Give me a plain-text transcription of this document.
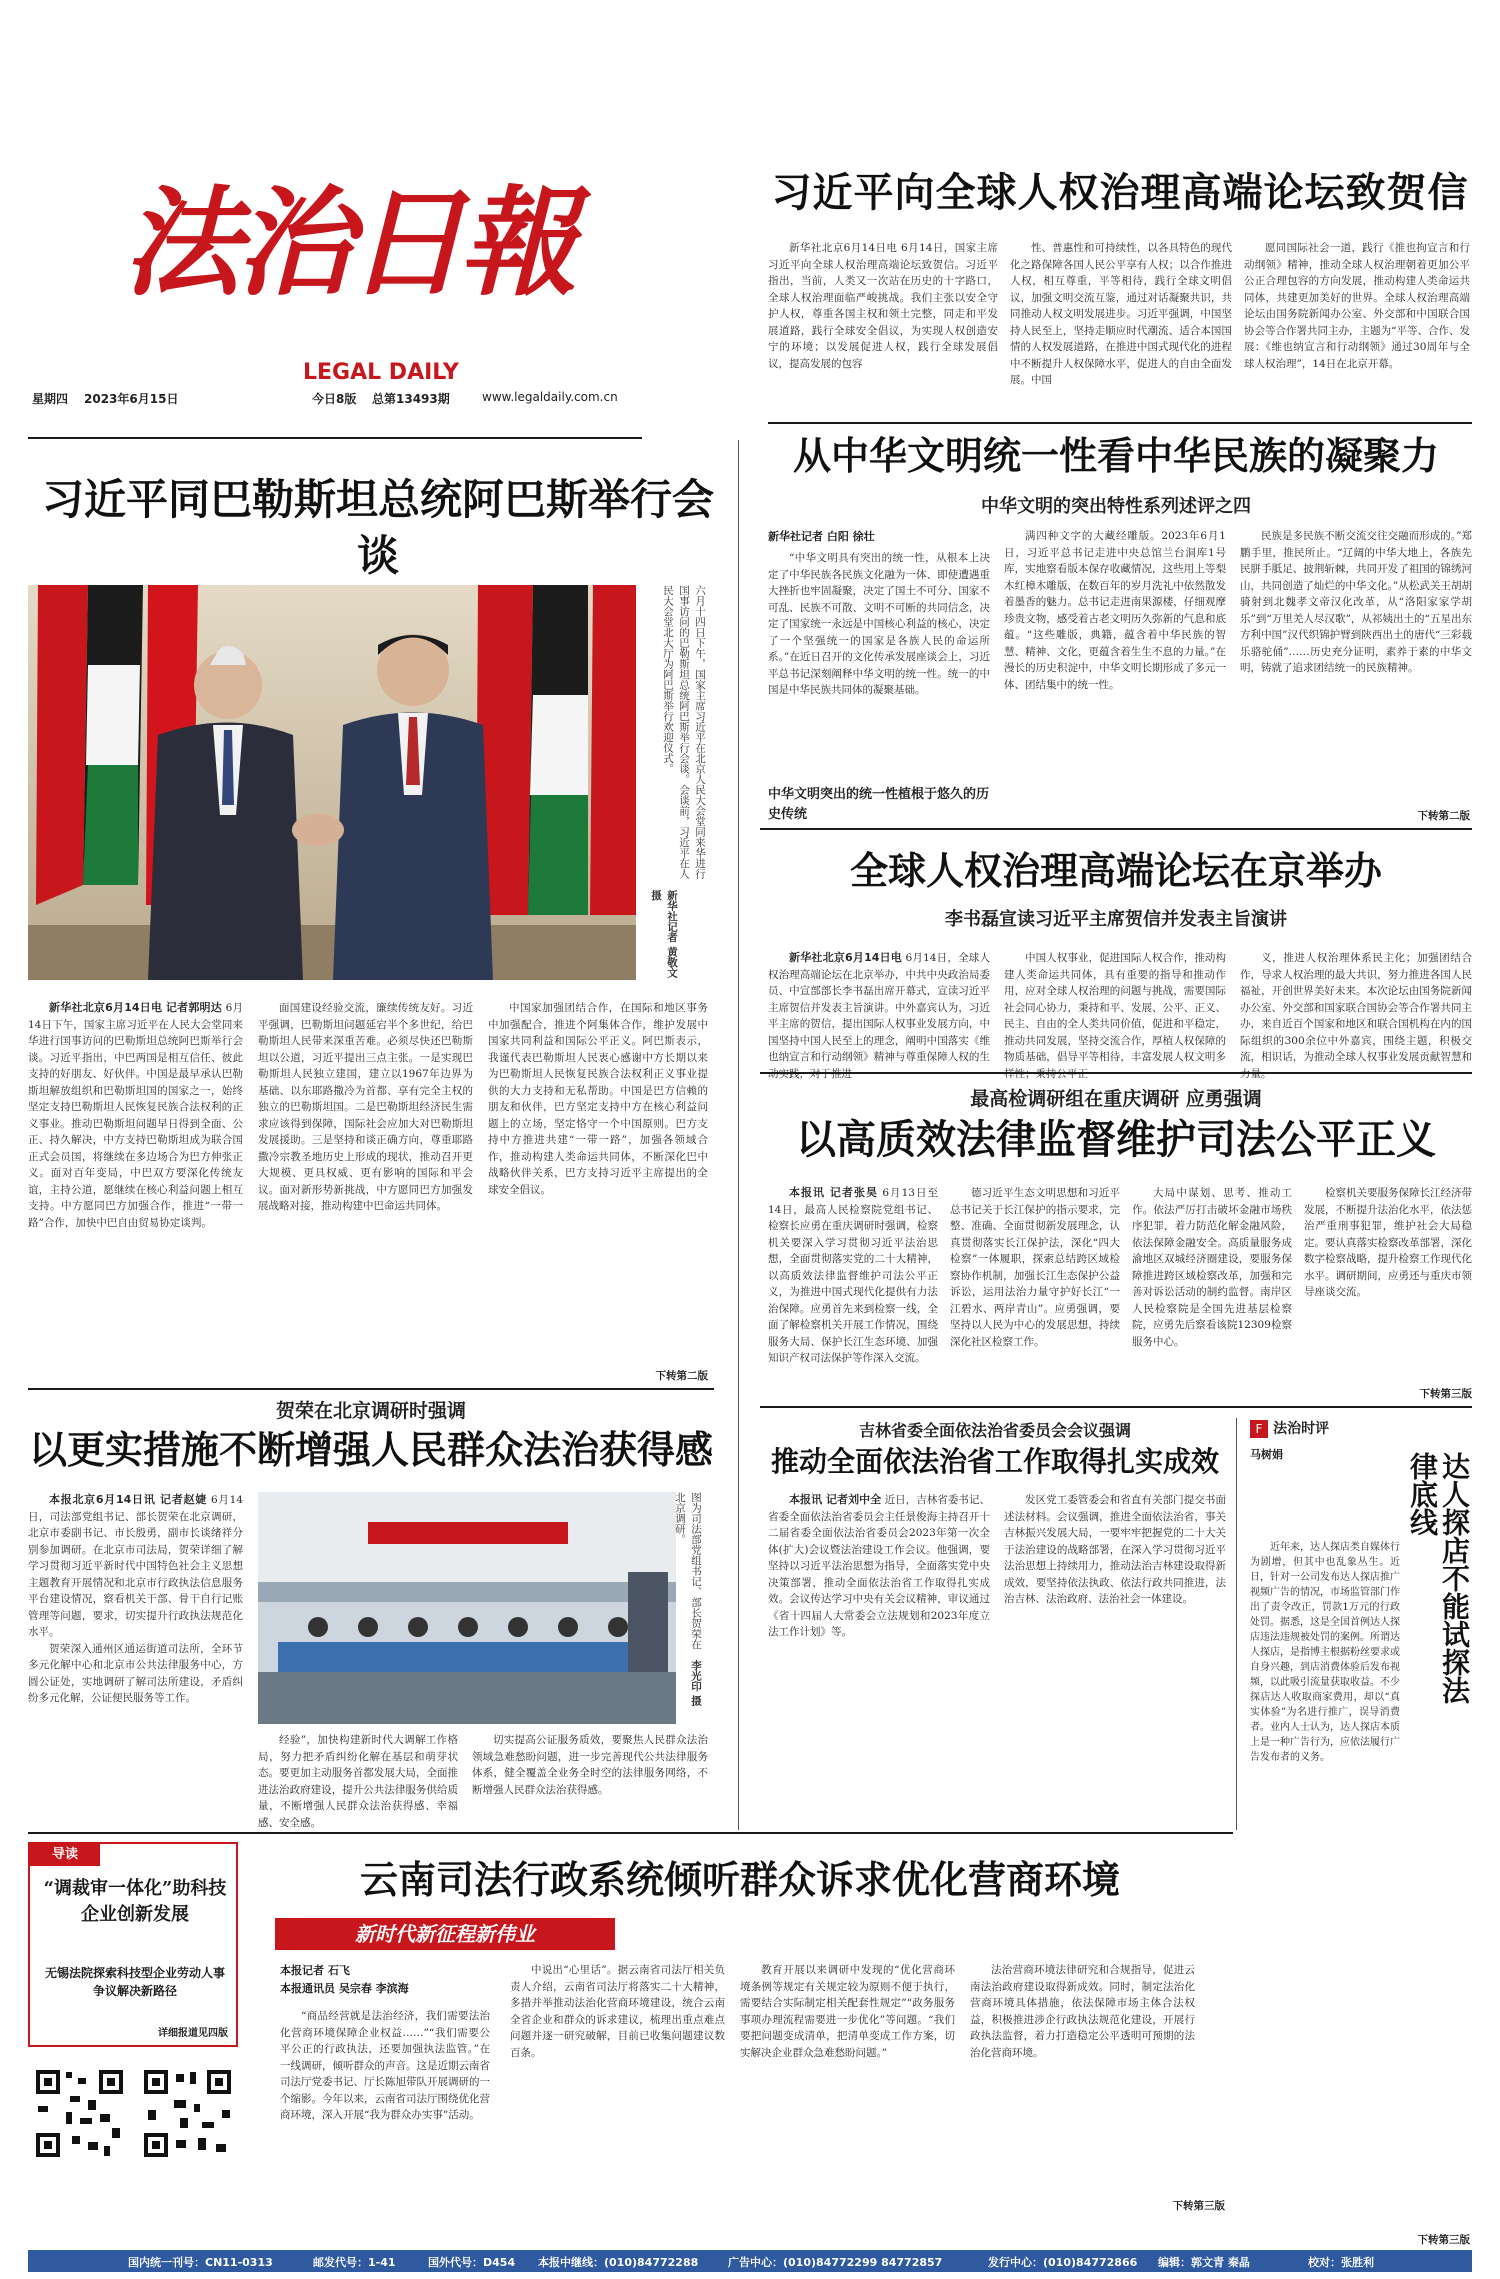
法治日報
LEGAL DAILY
星期四 2023年6月15日	今日8版 总第13493期	www.legaldaily.com.cn
习近平向全球人权治理高端论坛致贺信

新华社北京6月14日电 6月14日，国家主席习近平向全球人权治理高端论坛致贺信。习近平指出，当前，人类又一次站在历史的十字路口，全球人权治理面临严峻挑战。我们主张以安全守护人权，尊重各国主权和领土完整，同走和平发展道路，践行全球安全倡议，为实现人权创造安宁的环境；以发展促进人权，践行全球发展倡议，提高发展的包容

性、普惠性和可持续性，以各具特色的现代化之路保障各国人民公平享有人权；以合作推进人权，相互尊重，平等相待，践行全球文明倡议，加强文明交流互鉴，通过对话凝聚共识，共同推动人权文明发展进步。习近平强调，中国坚持人民至上，坚持走顺应时代潮流、适合本国国情的人权发展道路，在推进中国式现代化的进程中不断提升人权保障水平，促进人的自由全面发展。中国

愿同国际社会一道，践行《推也拘宣言和行动纲领》精神，推动全球人权治理朝着更加公平公正合理包容的方向发展，推动构建人类命运共同体，共建更加美好的世界。全球人权治理高端论坛由国务院新闻办公室、外交部和中国联合国协会等合作署共同主办，主题为“平等、合作、发展：《维也纳宣言和行动纲领》通过30周年与全球人权治理”，14日在北京开幕。

习近平同巴勒斯坦总统阿巴斯举行会谈
六月十四日下午，国家主席习近平在北京人民大会堂同来华进行国事访问的巴勒斯坦总统阿巴斯举行会谈。会谈前，习近平在人民大会堂北大厅为阿巴斯举行欢迎仪式。
新华社记者 黄敬文 摄

新华社北京6月14日电 记者郭明达 6月14日下午，国家主席习近平在人民大会堂同来华进行国事访问的巴勒斯坦总统阿巴斯举行会谈。习近平指出，中巴两国是相互信任、彼此支持的好朋友、好伙伴。中国是最早承认巴勒斯坦解放组织和巴勒斯坦国的国家之一，始终坚定支持巴勒斯坦人民恢复民族合法权利的正义事业。推动巴勒斯坦问题早日得到全面、公正、持久解决，中方支持巴勒斯坦成为联合国正式会员国，将继续在多边场合为巴方伸张正义。面对百年变局，中巴双方要深化传统友谊，主持公道，愿继续在核心利益问题上相互支持。中方愿同巴方加强合作，推进“一带一路”合作，加快中巴自由贸易协定谈判。

面国建设经验交流，廉续传统友好。习近平强调，巴勒斯坦问题延宕半个多世纪，给巴勒斯坦人民带来深重苦难。必须尽快还巴勒斯坦以公道，习近平提出三点主张。一是实现巴勒斯坦人民独立建国，建立以1967年边界为基础、以东耶路撒冷为首都、享有完全主权的独立的巴勒斯坦国。二是巴勒斯坦经济民生需求应该得到保障，国际社会应加大对巴勒斯坦发展援助。三是坚持和谈正确方向，尊重耶路撒冷宗教圣地历史上形成的现状，推动召开更大规模、更具权威、更有影响的国际和平会议。面对新形势新挑战，中方愿同巴方加强发展战略对接，推动构建中巴命运共同体。

中国家加强团结合作，在国际和地区事务中加强配合，推进个阿集体合作，维护发展中国家共同利益和国际公平正义。阿巴斯表示，我谨代表巴勒斯坦人民衷心感谢中方长期以来为巴勒斯坦人民恢复民族合法权利正义事业提供的大力支持和无私帮助。中国是巴方信赖的朋友和伙伴，巴方坚定支持中方在核心利益问题上的立场，坚定恪守一个中国原则。巴方支持中方推进共建“一带一路”，加强各领域合作，推动构建人类命运共同体，不断深化巴中战略伙伴关系，巴方支持习近平主席提出的全球安全倡议。

下转第二版
从中华文明统一性看中华民族的凝聚力
中华文明的突出特性系列述评之四
新华社记者 白阳 徐壮

“中华文明具有突出的统一性，从根本上决定了中华民族各民族文化融为一体、即使遭遇重大挫折也牢固凝聚，决定了国土不可分、国家不可乱、民族不可散、文明不可断的共同信念，决定了国家统一永远是中国核心利益的核心，决定了一个坚强统一的国家是各族人民的命运所系。”在近日召开的文化传承发展座谈会上，习近平总书记深刻阐释中华文明的统一性。统一的中国是中华民族共同体的凝聚基础。

中华文明突出的统一性植根于悠久的历史传统

满四种文字的大藏经雕版。2023年6月1日，习近平总书记走进中央总馆兰台洞库1号库，实地察看版本保存收藏情况，这些用上等梨木红樟木雕版，在数百年的岁月洗礼中依然散发着墨香的魅力。总书记走进南果源楼，仔细观摩珍贵文物，感受着古老文明历久弥新的气息和底蕴。“这些雕版，典籍，蕴含着中华民族的智慧、精神、文化，更蕴含着生生不息的力量。”在漫长的历史积淀中，中华文明长期形成了多元一体、团结集中的统一性。

民族是多民族不断交流交往交融而形成的。”郑鹏手里，推民所止。“辽阔的中华大地上，各族先民胼手胝足、披荆斩棘，共同开发了祖国的锦绣河山，共同创造了灿烂的中华文化。”从松武关王胡胡骑射到北魏孝文帝汉化改革，从“洛阳家家学胡乐”到“万里羌人尽汉歌”，从祁姨出土的“五星出东方利中国”汉代织锦护臂到陕西出土的唐代“三彩载乐骆驼俑”……历史充分证明，素养于素的中华文明，铸就了追求团结统一的民族精神。

下转第二版
全球人权治理高端论坛在京举办
李书磊宣读习近平主席贺信并发表主旨演讲

新华社北京6月14日电 6月14日，全球人权治理高端论坛在北京举办，中共中央政治局委员、中宣部部长李书磊出席开幕式，宣读习近平主席贺信并发表主旨演讲。中外嘉宾认为，习近平主席的贺信，提出国际人权事业发展方向，中国坚持中国人民至上的理念，阐明中国落实《维也纳宣言和行动纲领》精神与尊重保障人权的生

中国人权事业，促进国际人权合作，推动构建人类命运共同体，具有重要的指导和推动作用，应对全球人权治理的问题与挑战，需要国际社会同心协力，秉持和平、发展、公平、正义、民主、自由的全人类共同价值，促进和平稳定，推动共同发展，坚持交流合作，厚植人权保障的物质基础，倡导平等相待，丰富发展人权文明多

义，推进人权治理体系民主化；加强团结合作，导求人权治理的最大共识，努力推进各国人民福祉，开创世界美好未来。本次论坛由国务院新闻办公室、外交部和国家联合国协会等合作署共同主办，来自近百个国家和地区和联合国机构在内的国际组织的300余位中外嘉宾，围绕主题，积极交流，相识话，为推动全球人权事业发展贡献智慧和

最高检调研组在重庆调研 应勇强调
以高质效法律监督维护司法公平正义

本报讯 记者张昊 6月13日至14日，最高人民检察院党组书记、检察长应勇在重庆调研时强调，检察机关要深入学习贯彻习近平法治思想，全面贯彻落实党的二十大精神，以高质效法律监督维护司法公平正义，为推进中国式现代化提供有力法治保障。应勇首先来到检察一线，全面了解检察机关开展工作情况，围绕服务大局、保护长江生态环境、加强知识产权司法保护等作深入交流。

德习近平生态文明思想和习近平总书记关于长江保护的指示要求，完整、准确、全面贯彻新发展理念，认真贯彻落实长江保护法，深化“四大检察”一体履职，探索总结跨区域检察协作机制，加强长江生态保护公益诉讼，运用法治力量守护好长江“一江碧水、两岸青山”。应勇强调，要坚持以人民为中心的发展思想，持续深化社区检察工作。

大局中谋划、思考、推动工作。依法严厉打击破坏金融市场秩序犯罪，着力防范化解金融风险，依法保障金融安全。高质量服务成渝地区双城经济圈建设，要服务保障推进跨区域检察改革，加强和完善对诉讼活动的制约监督。南岸区人民检察院是全国先进基层检察院，应勇先后察看该院12309检察服务中心。

检察机关要服务保障长江经济带发展，不断提升法治化水平，依法惩治严重刑事犯罪，维护社会大局稳定。要认真落实检察改革部署，深化数字检察战略，提升检察工作现代化水平。调研期间，应勇还与重庆市领导座谈交流。

下转第三版
贺荣在北京调研时强调
以更实措施不断增强人民群众法治获得感

本报北京6月14日讯 记者赵婕 6月14日，司法部党组书记、部长贺荣在北京调研，北京市委副书记、市长殷勇，副市长谈绪祥分别参加调研。在北京市司法局，贺荣详细了解学习贯彻习近平新时代中国特色社会主义思想主题教育开展情况和北京市行政执法信息服务平台建设情况，察看机关干部、骨干自行记账管理等问题，要求，切实提升行政执法规范化水平。

贺荣深入通州区通运街道司法所，全环节多元化解中心和北京市公共法律服务中心，方圆公证处，实地调研了解司法所建设，矛盾纠纷多元化解，公证便民服务等工作。

图为司法部党组书记、部长贺荣在北京调研。
李光印 摄

经验”，加快构建新时代大调解工作格局，努力把矛盾纠纷化解在基层和萌芽状态。要更加主动服务首都发展大局，全面推进法治政府建设，提升公共法律服务供给质量，不断增强人民群众法治获得感、幸福感、安全感。

切实提高公证服务质效，要聚焦人民群众法治领域急难愁盼问题，进一步完善现代公共法律服务体系，健全覆盖全业务全时空的法律服务网络，不断增强人民群众法治获得感。

吉林省委全面依法治省委员会会议强调
推动全面依法治省工作取得扎实成效

本报讯 记者刘中全 近日，吉林省委书记、省委全面依法治省委员会主任景俊海主持召开十二届省委全面依法治省委员会2023年第一次全体(扩大)会议暨法治建设工作会议。他强调，要坚持以习近平法治思想为指导，全面落实党中央决策部署，推动全面依法治省工作取得扎实成效。会议传达学习中央有关会议精神，审议通过《省十四届人大常委会立法规划和2023年度立法工作计划》等。

发区党工委管委会和省直有关部门提交书面述法材料。会议强调，推进全面依法治省，事关吉林振兴发展大局，一要牢牢把握党的二十大关于法治建设的战略部署，在深入学习贯彻习近平法治思想上持续用力，推动法治吉林建设取得新成效，要坚持依法执政、依法行政共同推进，法治吉林、法治政府、法治社会一体建设。

F 法治时评
马树娟	达人探店不能试探法律底线

近年来，达人探店类自媒体行为剧增，但其中也乱象丛生。近日，针对一公司发布达人探店推广视频广告的情况，市场监管部门作出了责令改正，罚款1万元的行政处罚。据悉，这是全国首例达人探店违法违规被处罚的案例。所谓达人探店，是指博主根据粉丝要求或自身兴趣，到店消费体验后发布视频，以此吸引流量获取收益。不少探店达人收取商家费用，却以“真实体验”为名进行推广，误导消费者。业内人士认为，达人探店本质上是一种广告行为，应依法履行广告发布者的义务。

下转第三版
导读
“调裁审一体化”助科技企业创新发展
无锡法院探索科技型企业劳动人事争议解决新路径
详细报道见四版
云南司法行政系统倾听群众诉求优化营商环境
新时代新征程新伟业
本报记者 石飞
本报通讯员 吴宗春 李滨海

“商品经营就是法治经济，我们需要法治化营商环境保障企业权益……”“我们需要公平公正的行政执法，还要加强执法监管。”在一线调研，倾听群众的声音。这是近期云南省司法厅党委书记、厅长陈旭带队开展调研的一个缩影。今年以来，云南省司法厅围绕优化营商环境，深入开展“我为群众办实事”活动。

中说出“心里话”。据云南省司法厅相关负责人介绍，云南省司法厅将落实二十大精神，多措并举推动法治化营商环境建设，统合云南全省企业和群众的诉求建议，梳理出重点难点问题并逐一研究破解，目前已收集问题建议数百条。

教育开展以来调研中发现的“优化营商环境条例等规定有关规定较为原则不便于执行，需要结合实际制定相关配套性规定”“政务服务事项办理流程需要进一步优化”等问题。“我们要把问题变成清单，把清单变成工作方案，切实解决企业群众急难愁盼问题。”

法治营商环境法律研究和合规指导，促进云南法治政府建设取得新成效。同时，制定法治化营商环境具体措施，依法保障市场主体合法权益，积极推进涉企行政执法规范化建设，开展行政执法监督，着力打造稳定公平透明可预期的法治化营商环境。

下转第三版
国内统一刊号：CN11-0313	邮发代号：1-41	国外代号：D454 本报中继线：(010)84772288	广告中心：(010)84772299 84772857	发行中心：(010)84772866 编辑：郭文青 秦晶	校对：张胜利
